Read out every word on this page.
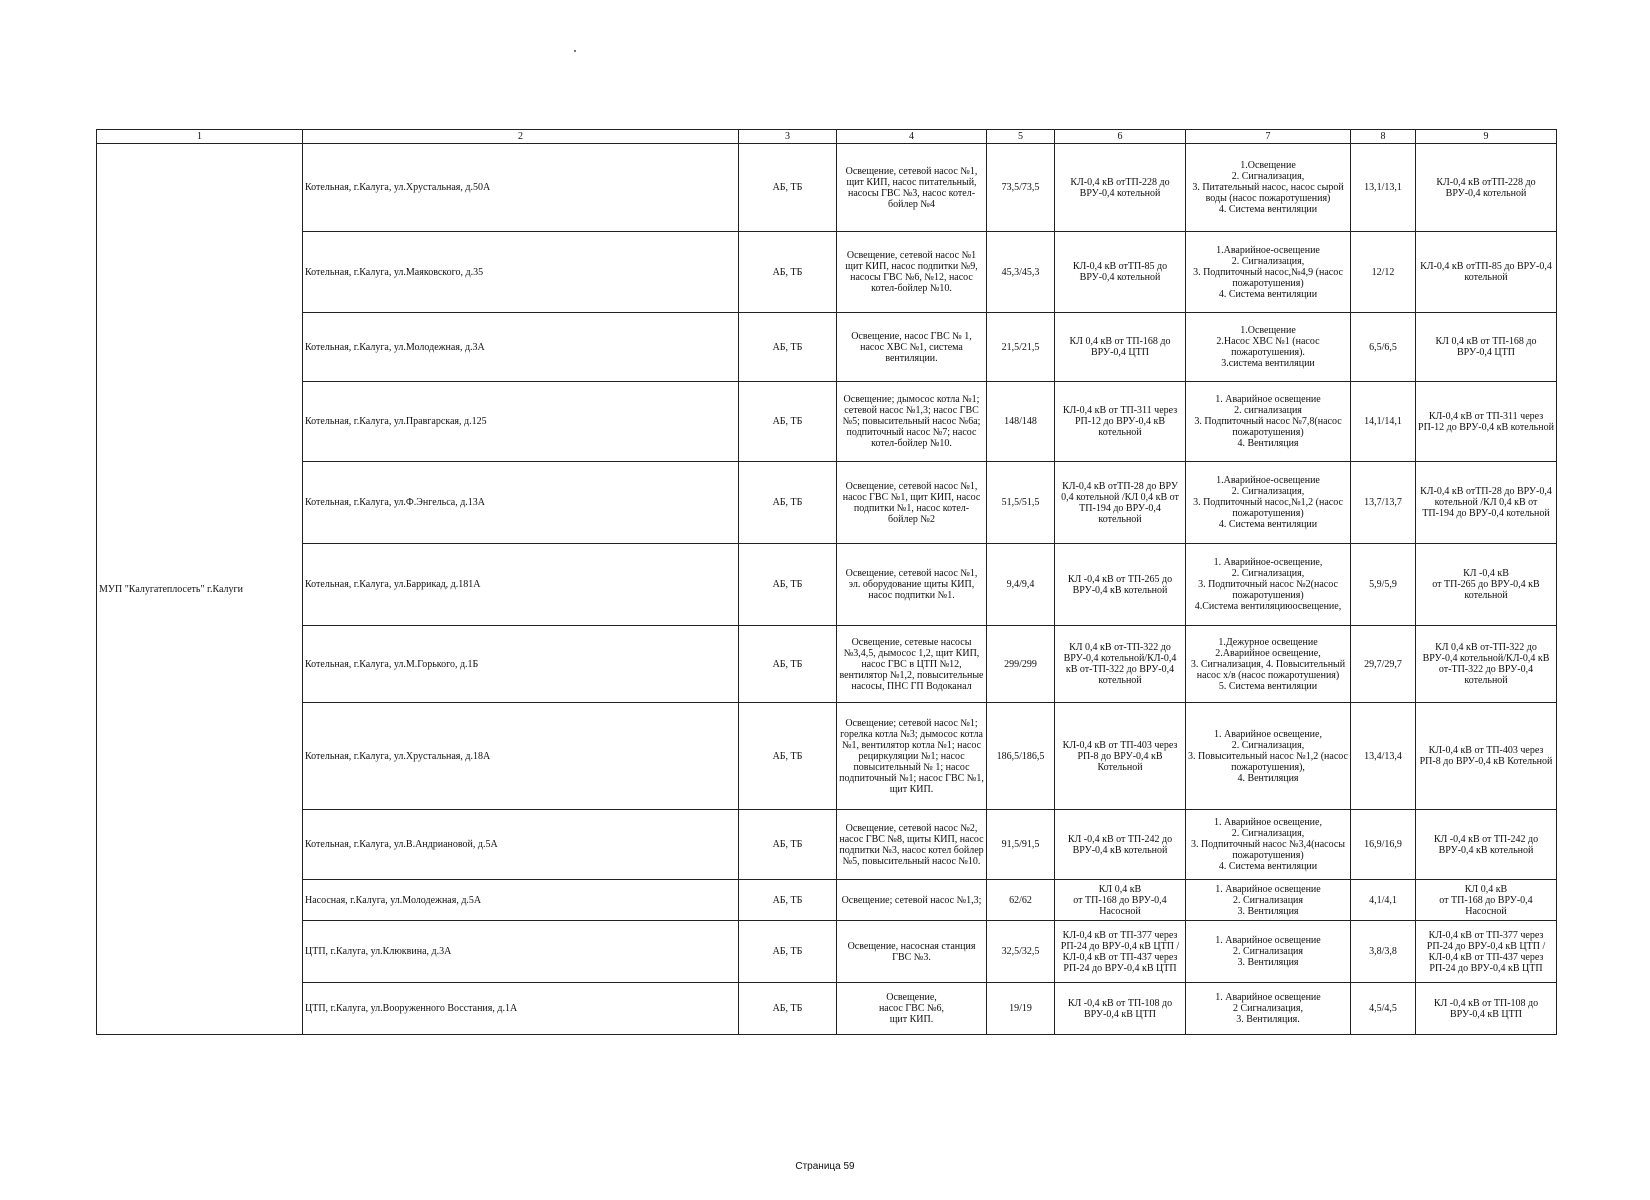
1	2	3	4	5	6	7	8	9
МУП "Калугатеплосеть" г.Калуги	Котельная, г.Калуга, ул.Хрустальная, д.50А	АБ, ТБ	Освещение, сетевой насос №1, щит КИП, насос питательный, насосы ГВС №3, насос котел-бойлер №4	73,5/73,5	КЛ-0,4 кВ отТП-228 до ВРУ-0,4 котельной	1.Освещение
2. Сигнализация,
3. Питательный насос, насос сырой воды (насос пожаротушения)
4. Система вентиляции	13,1/13,1	КЛ-0,4 кВ отТП-228 до ВРУ-0,4 котельной
	Котельная, г.Калуга, ул.Маяковского, д.35	АБ, ТБ	Освещение, сетевой насос №1 щит КИП, насос подпитки №9, насосы ГВС №6, №12, насос котел-бойлер №10.	45,3/45,3	КЛ-0,4 кВ отТП-85 до ВРУ-0,4 котельной	1.Аварийное-освещение
2. Сигнализация,
3. Подпиточный насос,№4,9 (насос пожаротушения)
4. Система вентиляции	12/12	КЛ-0,4 кВ отТП-85 до ВРУ-0,4 котельной
	Котельная, г.Калуга, ул.Молодежная, д.3А	АБ, ТБ	Освещение, насос ГВС № 1, насос ХВС №1, система вентиляции.	21,5/21,5	КЛ 0,4 кВ от ТП-168 до ВРУ-0,4 ЦТП	1.Освещение
2.Насос ХВС №1 (насос пожаротушения).
3.система вентиляции	6,5/6,5	КЛ 0,4 кВ от ТП-168 до ВРУ-0,4 ЦТП
	Котельная, г.Калуга, ул.Правгарская, д.125	АБ, ТБ	Освещение; дымосос котла №1; сетевой насос №1,3; насос ГВС №5; повысительный насос №6а; подпиточный насос №7; насос котел-бойлер №10.	148/148	КЛ-0,4 кВ от ТП-311 через РП-12 до ВРУ-0,4 кВ котельной	1. Аварийное освещение
2. сигнализация
3. Подпиточный насос №7,8(насос пожаротушения)
4. Вентиляция	14,1/14,1	КЛ-0,4 кВ от ТП-311 через РП-12 до ВРУ-0,4 кВ котельной
	Котельная, г.Калуга, ул.Ф.Энгельса, д.13А	АБ, ТБ	Освещение, сетевой насос №1, насос ГВС №1, щит КИП, насос подпитки №1, насос котел-бойлер №2	51,5/51,5	КЛ-0,4 кВ отТП-28 до ВРУ 0,4 котельной /КЛ 0,4 кВ от ТП-194 до ВРУ-0,4 котельной	1.Аварийное-освещение
2. Сигнализация,
3. Подпиточный насос,№1,2 (насос пожаротушения)
4. Система вентиляции	13,7/13,7	КЛ-0,4 кВ отТП-28 до ВРУ-0,4 котельной /КЛ 0,4 кВ от ТП-194 до ВРУ-0,4 котельной
	Котельная, г.Калуга, ул.Баррикад, д.181А	АБ, ТБ	Освещение, сетевой насос №1, эл. оборудование щиты КИП, насос подпитки №1.	9,4/9,4	КЛ -0,4 кВ от ТП-265 до ВРУ-0,4 кВ котельной	1. Аварийное-освещение,
2. Сигнализация,
3. Подпиточный насос №2(насос пожаротушения)
4.Система вентиляциюосвещение,	5,9/5,9	КЛ -0,4 кВ
от ТП-265 до ВРУ-0,4 кВ котельной
	Котельная, г.Калуга, ул.М.Горького, д.1Б	АБ, ТБ	Освещение, сетевые насосы №3,4,5, дымосос 1,2, щит КИП, насос ГВС в ЦТП №12, вентилятор №1,2, повысительные насосы, ПНС ГП Водоканал	299/299	КЛ 0,4 кВ от-ТП-322 до ВРУ-0,4 котельной/КЛ-0,4 кВ от-ТП-322 до ВРУ-0,4 котельной	1.Дежурное освещение
2.Аварийное освещение,
3. Сигнализация, 4. Повысительный насос х/в (насос пожаротушения)
5. Система вентиляции	29,7/29,7	КЛ 0,4 кВ от-ТП-322 до ВРУ-0,4 котельной/КЛ-0,4 кВ от-ТП-322 до ВРУ-0,4 котельной
	Котельная, г.Калуга, ул.Хрустальная, д.18А	АБ, ТБ	Освещение; сетевой насос №1; горелка котла №3; дымосос котла №1, вентилятор котла №1; насос рециркуляции №1; насос повысительный № 1; насос подпиточный №1; насос ГВС №1, щит КИП.	186,5/186,5	КЛ-0,4 кВ от ТП-403 через РП-8 до ВРУ-0,4 кВ Котельной	1. Аварийное освещение,
2. Сигнализация,
3. Повысительный насос №1,2 (насос пожаротушения),
4. Вентиляция	13,4/13,4	КЛ-0,4 кВ от ТП-403 через РП-8 до ВРУ-0,4 кВ Котельной
	Котельная, г.Калуга, ул.В.Андриановой, д.5А	АБ, ТБ	Освещение, сетевой насос №2, насос ГВС №8, щиты КИП, насос подпитки №3, насос котел бойлер №5, повысительный насос №10.	91,5/91,5	КЛ -0,4 кВ от ТП-242 до ВРУ-0,4 кВ котельной	1. Аварийное освещение,
2. Сигнализация,
3. Подпиточный насос №3,4(насосы пожаротушения)
4. Система вентиляции	16,9/16,9	КЛ -0,4 кВ от ТП-242 до ВРУ-0,4 кВ котельной
	Насосная, г.Калуга, ул.Молодежная, д.5А	АБ, ТБ	Освещение; сетевой насос №1,3;	62/62	КЛ 0,4 кВ
от ТП-168 до ВРУ-0,4 Насосной	1. Аварийное освещение
2. Сигнализация
3. Вентиляция	4,1/4,1	КЛ 0,4 кВ
от ТП-168 до ВРУ-0,4 Насосной
	ЦТП, г.Калуга, ул.Клюквина, д.3А	АБ, ТБ	Освещение, насосная станция ГВС №3.	32,5/32,5	КЛ-0,4 кВ от ТП-377 через РП-24 до ВРУ-0,4 кВ ЦТП / КЛ-0,4 кВ от ТП-437 через РП-24 до ВРУ-0,4 кВ ЦТП	1. Аварийное освещение
2. Сигнализация
3. Вентиляция	3,8/3,8	КЛ-0,4 кВ от ТП-377 через РП-24 до ВРУ-0,4 кВ ЦТП / КЛ-0,4 кВ от ТП-437 через РП-24 до ВРУ-0,4 кВ ЦТП
	ЦТП, г.Калуга, ул.Вооруженного Восстания, д.1А	АБ, ТБ	Освещение,
насос ГВС №6,
щит КИП.	19/19	КЛ -0,4 кВ от ТП-108 до ВРУ-0,4 кВ ЦТП	1. Аварийное освещение
2 Сигнализация,
3. Вентиляция.	4,5/4,5	КЛ -0,4 кВ от ТП-108 до ВРУ-0,4 кВ ЦТП
Страница 59
